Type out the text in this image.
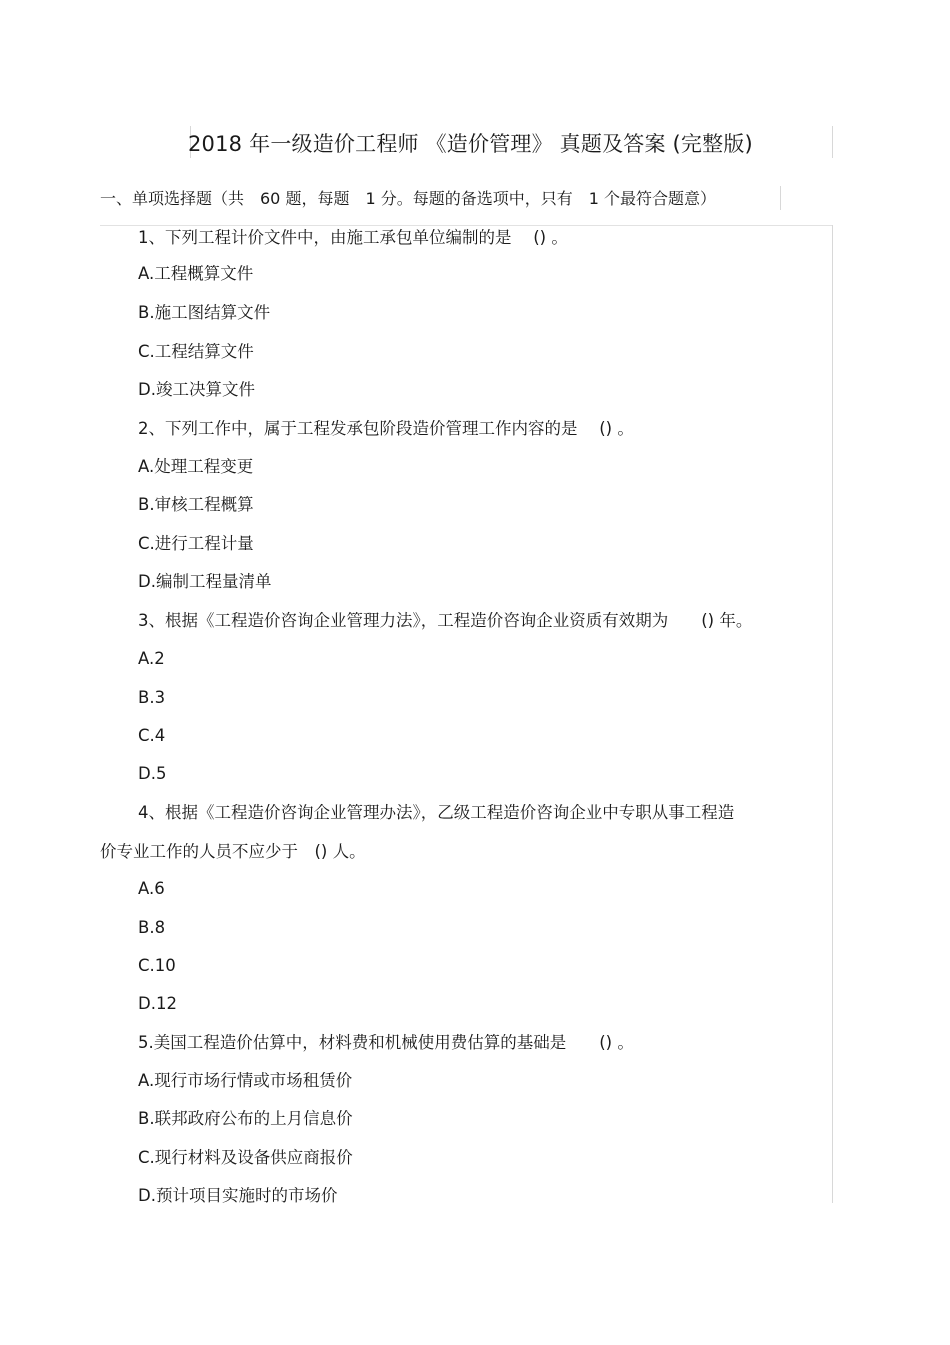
2018 年一级造价工程师 《造价管理》 真题及答案 (完整版)
一、单项选择题（共　60 题，每题　1 分。每题的备选项中，只有　1 个最符合题意）
1、下列工程计价文件中，由施工承包单位编制的是　 () 。
A.工程概算文件
B.施工图结算文件
C.工程结算文件
D.竣工决算文件
2、下列工作中，属于工程发承包阶段造价管理工作内容的是　 () 。
A.处理工程变更
B.审核工程概算
C.进行工程计量
D.编制工程量清单
3、根据《工程造价咨询企业管理力法》，工程造价咨询企业资质有效期为　　() 年。
A.2
B.3
C.4
D.5
4、根据《工程造价咨询企业管理办法》，乙级工程造价咨询企业中专职从事工程造
价专业工作的人员不应少于　() 人。
A.6
B.8
C.10
D.12
5.美国工程造价估算中，材料费和机械使用费估算的基础是　　() 。
A.现行市场行情或市场租赁价
B.联邦政府公布的上月信息价
C.现行材料及设备供应商报价
D.预计项目实施时的市场价
